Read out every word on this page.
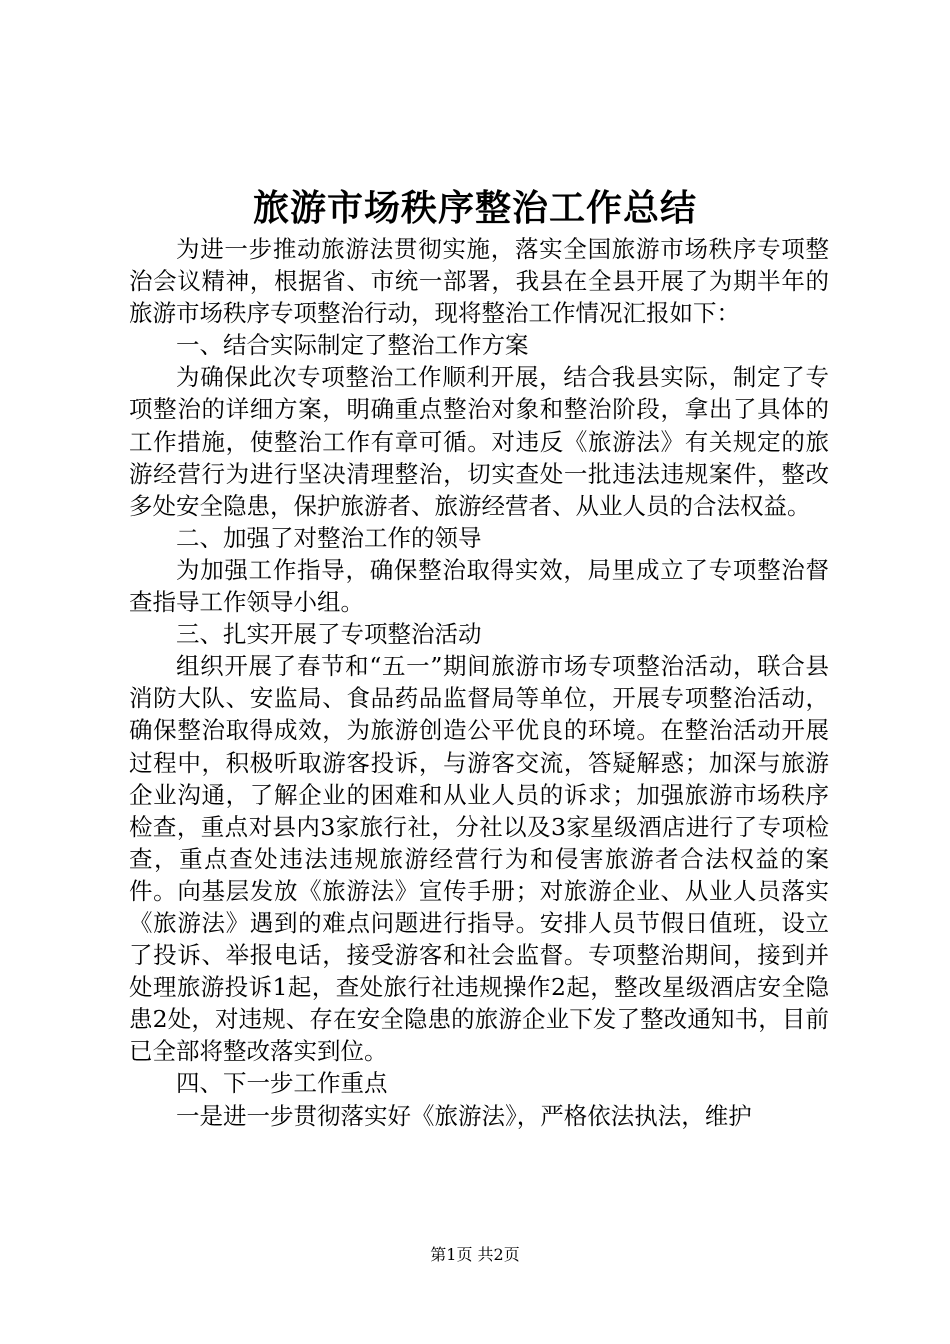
旅游市场秩序整治工作总结

为进一步推动旅游法贯彻实施，落实全国旅游市场秩序专项整治会议精神，根据省、市统一部署，我县在全县开展了为期半年的旅游市场秩序专项整治行动，现将整治工作情况汇报如下：

一、结合实际制定了整治工作方案

为确保此次专项整治工作顺利开展，结合我县实际，制定了专项整治的详细方案，明确重点整治对象和整治阶段，拿出了具体的工作措施，使整治工作有章可循。对违反《旅游法》有关规定的旅游经营行为进行坚决清理整治，切实查处一批违法违规案件，整改多处安全隐患，保护旅游者、旅游经营者、从业人员的合法权益。

二、加强了对整治工作的领导

为加强工作指导，确保整治取得实效，局里成立了专项整治督查指导工作领导小组。

三、扎实开展了专项整治活动

组织开展了春节和“五一”期间旅游市场专项整治活动，联合县消防大队、安监局、食品药品监督局等单位，开展专项整治活动，确保整治取得成效，为旅游创造公平优良的环境。在整治活动开展过程中，积极听取游客投诉，与游客交流，答疑解惑；加深与旅游企业沟通，了解企业的困难和从业人员的诉求；加强旅游市场秩序检查，重点对县内3家旅行社，分社以及3家星级酒店进行了专项检查，重点查处违法违规旅游经营行为和侵害旅游者合法权益的案件。向基层发放《旅游法》宣传手册；对旅游企业、从业人员落实《旅游法》遇到的难点问题进行指导。安排人员节假日值班，设立了投诉、举报电话，接受游客和社会监督。专项整治期间，接到并处理旅游投诉1起，查处旅行社违规操作2起，整改星级酒店安全隐患2处，对违规、存在安全隐患的旅游企业下发了整改通知书，目前已全部将整改落实到位。

四、下一步工作重点

一是进一步贯彻落实好《旅游法》，严格依法执法，维护

第1页 共2页
